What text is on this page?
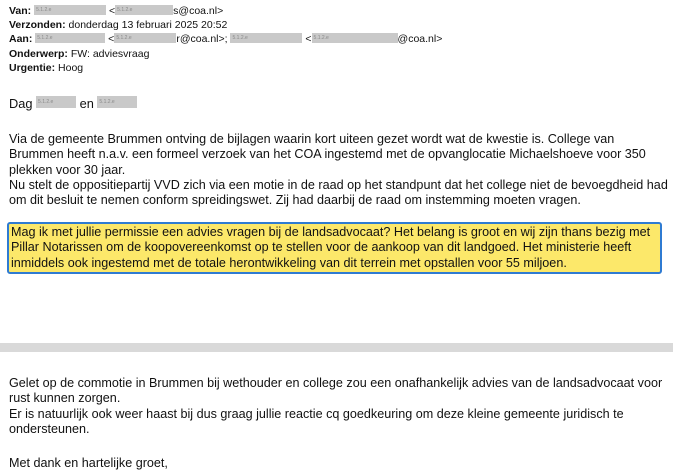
Van: 5.1.2.e	< 5.1.2.e	s@coa.nl>
Verzonden: donderdag 13 februari 2025 20:52
Aan: 5.1.2.e	< 5.1.2.e	r@coa.nl>; 5.1.2.e	< 5.1.2.e	@coa.nl>
Onderwerp: FW: adviesvraag
Urgentie: Hoog
Dag 5.1.2.e en 5.1.2.e
Via de gemeente Brummen ontving de bijlagen waarin kort uiteen gezet wordt wat de kwestie is. College van Brummen heeft n.a.v. een formeel verzoek van het COA ingestemd met de opvanglocatie Michaelshoeve voor 350 plekken voor 30 jaar.
Nu stelt de oppositiepartij VVD zich via een motie in de raad op het standpunt dat het college niet de bevoegdheid had om dit besluit te nemen conform spreidingswet. Zij had daarbij de raad om instemming moeten vragen.

Mag ik met jullie permissie een advies vragen bij de landsadvocaat? Het belang is groot en wij zijn thans bezig met Pillar Notarissen om de koopovereenkomst op te stellen voor de aankoop van dit landgoed. Het ministerie heeft inmiddels ook ingestemd met de totale herontwikkeling van dit terrein met opstallen voor 55 miljoen.

Gelet op de commotie in Brummen bij wethouder en college zou een onafhankelijk advies van de landsadvocaat voor rust kunnen zorgen.
Er is natuurlijk ook weer haast bij dus graag jullie reactie cq goedkeuring om deze kleine gemeente juridisch te ondersteunen.
Met dank en hartelijke groet,
